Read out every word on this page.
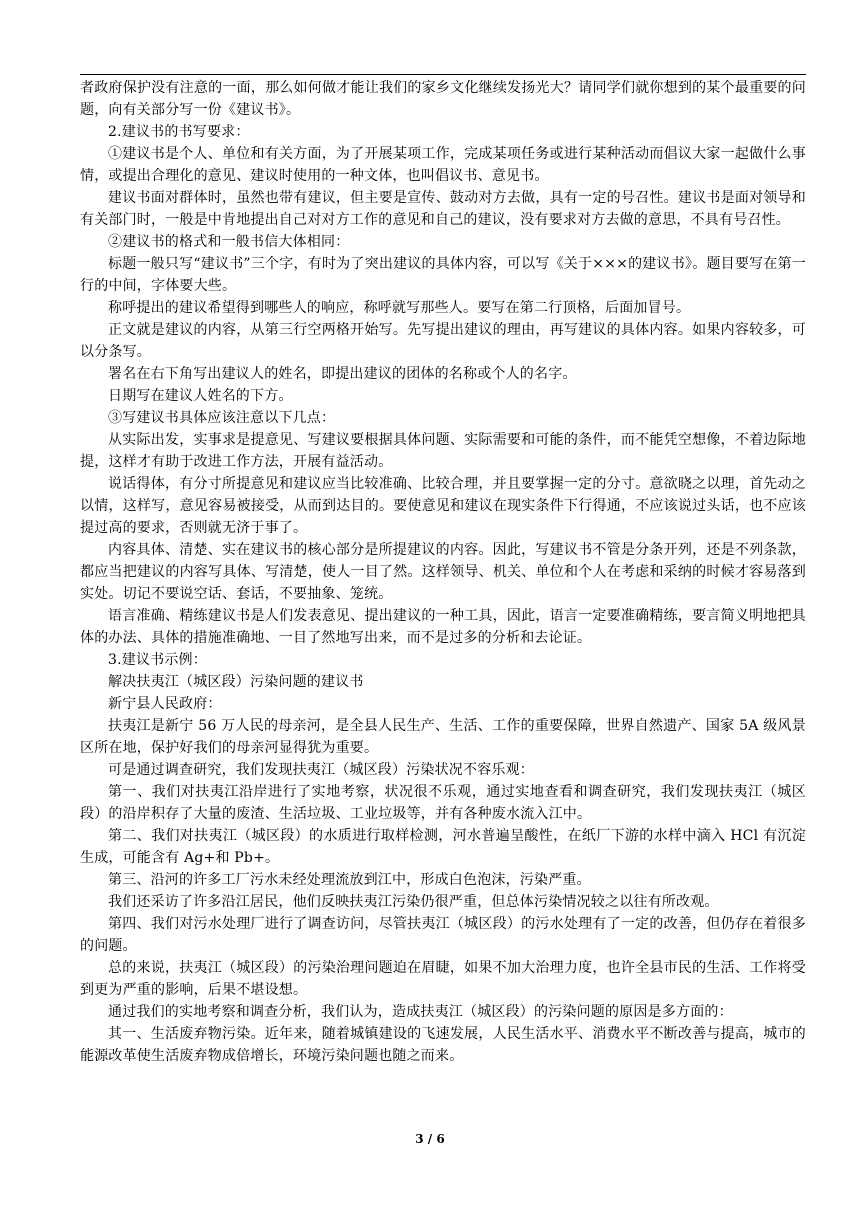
者政府保护没有注意的一面，那么如何做才能让我们的家乡文化继续发扬光大？请同学们就你想到的某个最重要的问题，向有关部分写一份《建议书》。

2.建议书的书写要求：

①建议书是个人、单位和有关方面，为了开展某项工作，完成某项任务或进行某种活动而倡议大家一起做什么事情，或提出合理化的意见、建议时使用的一种文体，也叫倡议书、意见书。

建议书面对群体时，虽然也带有建议，但主要是宣传、鼓动对方去做，具有一定的号召性。建议书是面对领导和有关部门时，一般是中肯地提出自己对对方工作的意见和自己的建议，没有要求对方去做的意思，不具有号召性。

②建议书的格式和一般书信大体相同：

标题一般只写“建议书”三个字，有时为了突出建议的具体内容，可以写《关于×××的建议书》。题目要写在第一行的中间，字体要大些。

称呼提出的建议希望得到哪些人的响应，称呼就写那些人。要写在第二行顶格，后面加冒号。

正文就是建议的内容，从第三行空两格开始写。先写提出建议的理由，再写建议的具体内容。如果内容较多，可以分条写。

署名在右下角写出建议人的姓名，即提出建议的团体的名称或个人的名字。

日期写在建议人姓名的下方。

③写建议书具体应该注意以下几点：

从实际出发，实事求是提意见、写建议要根据具体问题、实际需要和可能的条件，而不能凭空想像，不着边际地提，这样才有助于改进工作方法，开展有益活动。

说话得体，有分寸所提意见和建议应当比较准确、比较合理，并且要掌握一定的分寸。意欲晓之以理，首先动之以情，这样写，意见容易被接受，从而到达目的。要使意见和建议在现实条件下行得通，不应该说过头话，也不应该提过高的要求，否则就无济于事了。

内容具体、清楚、实在建议书的核心部分是所提建议的内容。因此，写建议书不管是分条开列，还是不列条款，都应当把建议的内容写具体、写清楚，使人一目了然。这样领导、机关、单位和个人在考虑和采纳的时候才容易落到实处。切记不要说空话、套话，不要抽象、笼统。

语言准确、精练建议书是人们发表意见、提出建议的一种工具，因此，语言一定要准确精练，要言简义明地把具体的办法、具体的措施准确地、一目了然地写出来，而不是过多的分析和去论证。

3.建议书示例：

解决扶夷江（城区段）污染问题的建议书

新宁县人民政府：

扶夷江是新宁 56 万人民的母亲河，是全县人民生产、生活、工作的重要保障，世界自然遗产、国家 5A 级风景区所在地，保护好我们的母亲河显得犹为重要。

可是通过调查研究，我们发现扶夷江（城区段）污染状况不容乐观：

第一、我们对扶夷江沿岸进行了实地考察，状况很不乐观，通过实地查看和调查研究，我们发现扶夷江（城区段）的沿岸积存了大量的废渣、生活垃圾、工业垃圾等，并有各种废水流入江中。

第二、我们对扶夷江（城区段）的水质进行取样检测，河水普遍呈酸性，在纸厂下游的水样中滴入 HCl 有沉淀生成，可能含有 Ag+和 Pb+。

第三、沿河的许多工厂污水未经处理流放到江中，形成白色泡沫，污染严重。

我们还采访了许多沿江居民，他们反映扶夷江污染仍很严重，但总体污染情况较之以往有所改观。

第四、我们对污水处理厂进行了调查访问，尽管扶夷江（城区段）的污水处理有了一定的改善，但仍存在着很多的问题。

总的来说，扶夷江（城区段）的污染治理问题迫在眉睫，如果不加大治理力度，也许全县市民的生活、工作将受到更为严重的影响，后果不堪设想。

通过我们的实地考察和调查分析，我们认为，造成扶夷江（城区段）的污染问题的原因是多方面的：

其一、生活废弃物污染。近年来，随着城镇建设的飞速发展，人民生活水平、消费水平不断改善与提高，城市的能源改革使生活废弃物成倍增长，环境污染问题也随之而来。

3 / 6
